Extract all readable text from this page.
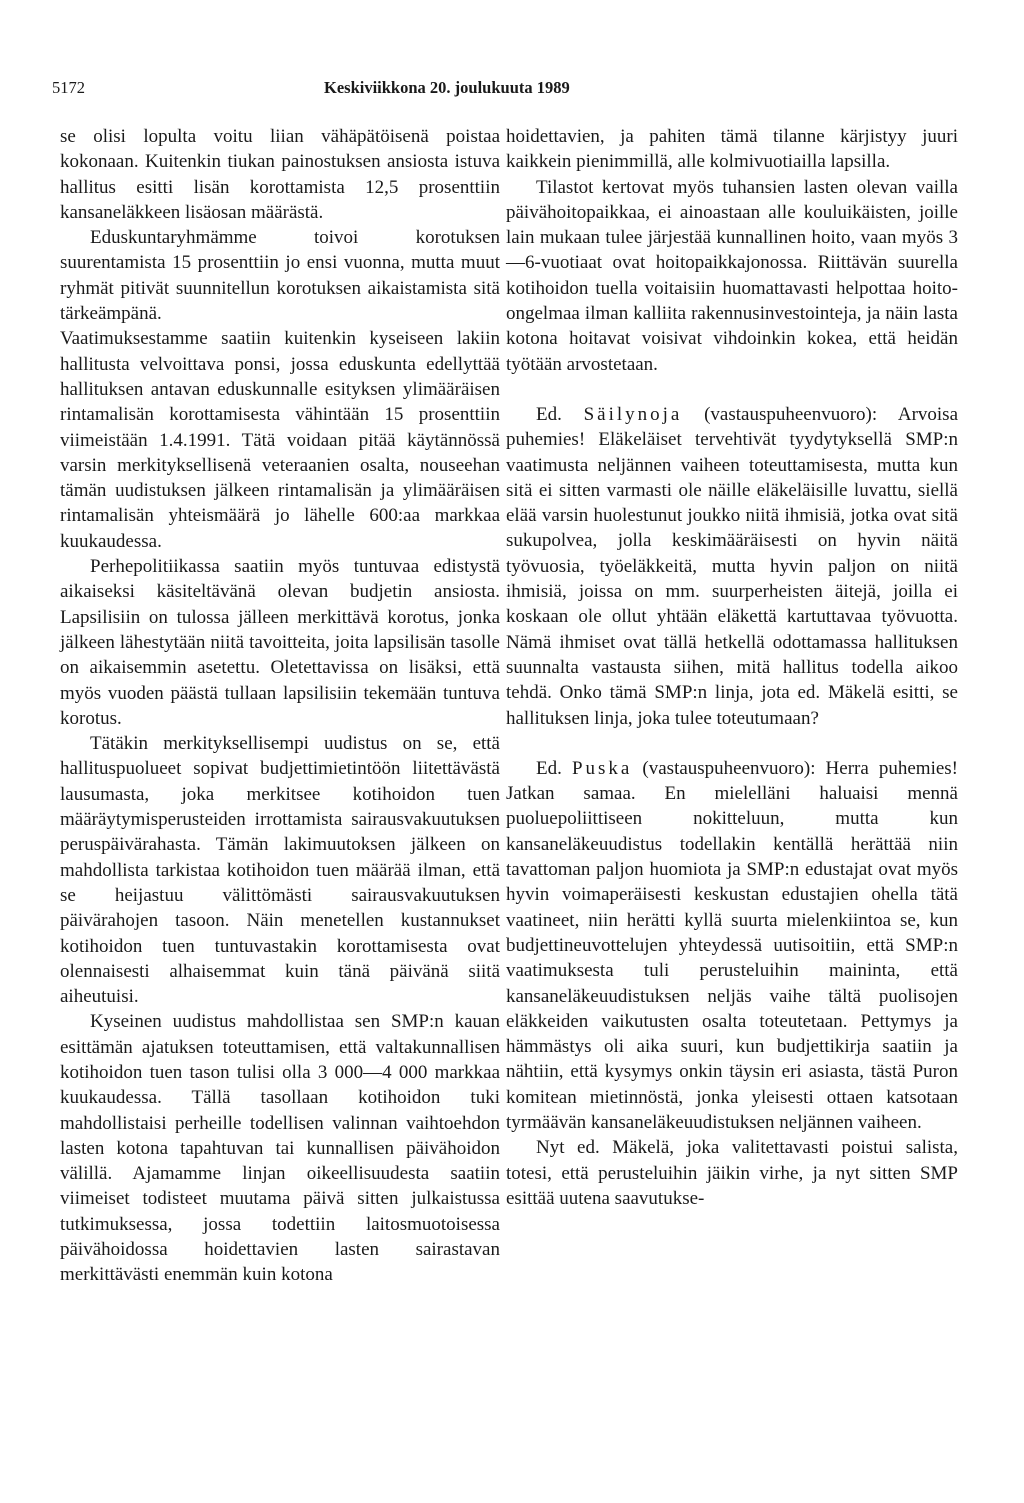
5172	Keskiviikkona 20. joulukuuta 1989

se olisi lopulta voitu liian vähäpätöisenä poistaa kokonaan. Kuitenkin tiukan painostuksen ansiosta istuva hallitus esitti lisän korottamista 12,5 prosenttiin kansaneläkkeen lisäosan määrästä.

Eduskuntaryhmämme toivoi korotuksen suurentamista 15 prosenttiin jo ensi vuonna, mutta muut ryhmät pitivät suunnitellun korotuksen aikaistamista sitä tärkeämpänä.

Vaatimuksestamme saatiin kuitenkin kyseiseen lakiin hallitusta velvoittava ponsi, jossa eduskunta edellyttää hallituksen antavan eduskunnalle esityksen ylimääräisen rintamalisän korottamisesta vähintään 15 prosenttiin viimeistään 1.4.1991. Tätä voidaan pitää käytännössä varsin merkityksellisenä veteraanien osalta, nouseehan tämän uudistuksen jälkeen rintamalisän ja ylimääräisen rintamalisän yhteismäärä jo lähelle 600:aa markkaa kuukaudessa.

Perhepolitiikassa saatiin myös tuntuvaa edistystä aikaiseksi käsiteltävänä olevan budjetin ansiosta. Lapsilisiin on tulossa jälleen merkittävä korotus, jonka jälkeen lähestytään niitä tavoitteita, joita lapsilisän tasolle on aikaisemmin asetettu. Oletettavissa on lisäksi, että myös vuoden päästä tullaan lapsilisiin tekemään tuntuva korotus.

Tätäkin merkityksellisempi uudistus on se, että hallituspuolueet sopivat budjettimietintöön liitettävästä lausumasta, joka merkitsee kotihoidon tuen määräytymisperusteiden irrottamista sairausvakuutuksen peruspäivärahasta. Tämän lakimuutoksen jälkeen on mahdollista tarkistaa kotihoidon tuen määrää ilman, että se heijastuu välittömästi sairausvakuutuksen päivärahojen tasoon. Näin menetellen kustannukset kotihoidon tuen tuntuvastakin korottamisesta ovat olennaisesti alhaisemmat kuin tänä päivänä siitä aiheutuisi.

Kyseinen uudistus mahdollistaa sen SMP:n kauan esittämän ajatuksen toteuttamisen, että valtakunnallisen kotihoidon tuen tason tulisi olla 3 000—4 000 markkaa kuukaudessa. Tällä tasollaan kotihoidon tuki mahdollistaisi perheille todellisen valinnan vaihtoehdon lasten kotona tapahtuvan tai kunnallisen päivähoidon välillä. Ajamamme linjan oikeellisuudesta saatiin viimeiset todisteet muutama päivä sitten julkaistussa tutkimuksessa, jossa todettiin laitosmuotoisessa päivähoidossa hoidettavien lasten sairastavan merkittävästi enemmän kuin kotona

hoidettavien, ja pahiten tämä tilanne kärjistyy juuri kaikkein pienimmillä, alle kolmivuotiailla lapsilla.

Tilastot kertovat myös tuhansien lasten olevan vailla päivähoitopaikkaa, ei ainoastaan alle kouluikäisten, joille lain mukaan tulee järjestää kunnallinen hoito, vaan myös 3—6-vuotiaat ovat hoitopaikkajonossa. Riittävän suurella kotihoidon tuella voitaisiin huomattavasti helpottaa hoito-ongelmaa ilman kalliita rakennusinvestointeja, ja näin lasta kotona hoitavat voisivat vihdoinkin kokea, että heidän työtään arvostetaan.

Ed. Säilynoja (vastauspuheenvuoro): Arvoisa puhemies! Eläkeläiset tervehtivät tyydytyksellä SMP:n vaatimusta neljännen vaiheen toteuttamisesta, mutta kun sitä ei sitten varmasti ole näille eläkeläisille luvattu, siellä elää varsin huolestunut joukko niitä ihmisiä, jotka ovat sitä sukupolvea, jolla keskimääräisesti on hyvin näitä työvuosia, työeläkkeitä, mutta hyvin paljon on niitä ihmisiä, joissa on mm. suurperheisten äitejä, joilla ei koskaan ole ollut yhtään eläkettä kartuttavaa työvuotta. Nämä ihmiset ovat tällä hetkellä odottamassa hallituksen suunnalta vastausta siihen, mitä hallitus todella aikoo tehdä. Onko tämä SMP:n linja, jota ed. Mäkelä esitti, se hallituksen linja, joka tulee toteutumaan?

Ed. Puska (vastauspuheenvuoro): Herra puhemies! Jatkan samaa. En mielelläni haluaisi mennä puoluepoliittiseen nokitteluun, mutta kun kansaneläkeuudistus todellakin kentällä herättää niin tavattoman paljon huomiota ja SMP:n edustajat ovat myös hyvin voimaperäisesti keskustan edustajien ohella tätä vaatineet, niin herätti kyllä suurta mielenkiintoa se, kun budjettineuvottelujen yhteydessä uutisoitiin, että SMP:n vaatimuksesta tuli perusteluihin maininta, että kansaneläkeuudistuksen neljäs vaihe tältä puolisojen eläkkeiden vaikutusten osalta toteutetaan. Pettymys ja hämmästys oli aika suuri, kun budjettikirja saatiin ja nähtiin, että kysymys onkin täysin eri asiasta, tästä Puron komitean mietinnöstä, jonka yleisesti ottaen katsotaan tyrmäävän kansaneläkeuudistuksen neljännen vaiheen.

Nyt ed. Mäkelä, joka valitettavasti poistui salista, totesi, että perusteluihin jäikin virhe, ja nyt sitten SMP esittää uutena saavutukse-
